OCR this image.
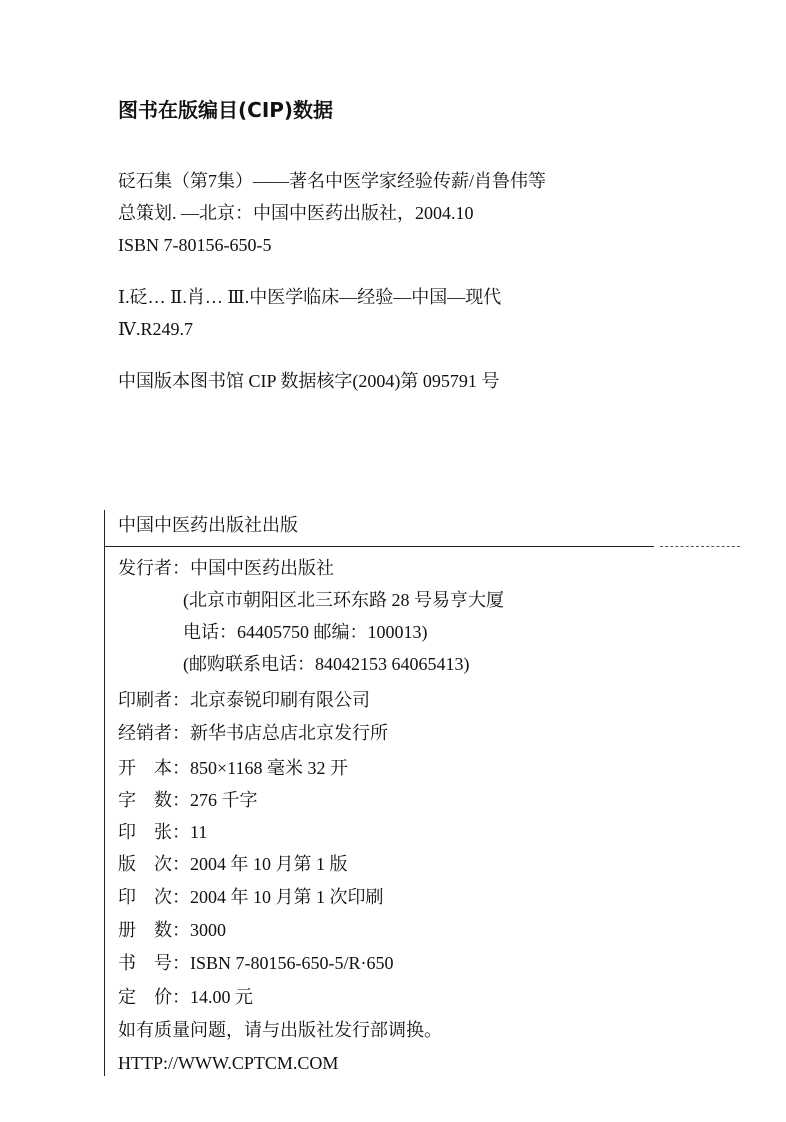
图书在版编目(CIP)数据
砭石集（第7集）——著名中医学家经验传薪/肖鲁伟等
总策划. —北京：中国中医药出版社，2004.10
ISBN 7-80156-650-5
Ⅰ.砭… Ⅱ.肖… Ⅲ.中医学临床—经验—中国—现代
Ⅳ.R249.7
中国版本图书馆 CIP 数据核字(2004)第 095791 号
中国中医药出版社出版
发行者：中国中医药出版社
(北京市朝阳区北三环东路 28 号易亨大厦
电话：64405750 邮编：100013)
(邮购联系电话：84042153 64065413)
印刷者：北京泰锐印刷有限公司
经销者：新华书店总店北京发行所
开　本：850×1168 毫米 32 开
字　数：276 千字
印　张：11
版　次：2004 年 10 月第 1 版
印　次：2004 年 10 月第 1 次印刷
册　数：3000
书　号：ISBN 7-80156-650-5/R·650
定　价：14.00 元
如有质量问题，请与出版社发行部调换。
HTTP://WWW.CPTCM.COM
